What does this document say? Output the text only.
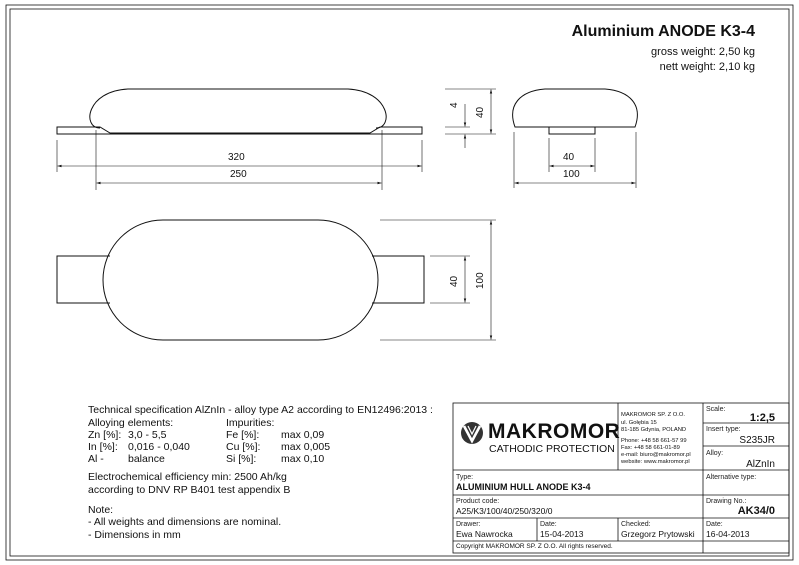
Aluminium ANODE K3-4
gross weight: 2,50 kg
nett weight: 2,10 kg
320
250
4
40
40
100
40 100
Technical specification AlZnIn - alloy type A2 according to EN12496:2013 :
Alloying elements:	Impurities:
Zn [%]: 3,0 - 5,5
In [%]: 0,016 - 0,040
Al - balance
Fe [%]: max 0,09
Cu [%]: max 0,005
Si [%]: max 0,10
Electrochemical efficiency min: 2500 Ah/kg
according to DNV RP B401 test appendix B
Note:
- All weights and dimensions are nominal.
- Dimensions in mm
MAKROMOR
CATHODIC PROTECTION
MAKROMOR SP. Z O.O.
ul. Gołębia 15
81-185 Gdynia, POLAND
Phone: +48 58 661-57 99
Fax: +48 58 661-01-89
e-mail: biuro@makromor.pl
website: www.makromor.pl
Scale:
1:2,5
Insert type:
S235JR
Alloy:
AlZnIn
Alternative type:
Type:
ALUMINIUM HULL ANODE K3-4
Product code:
A25/K3/100/40/250/320/0
Drawing No.:
AK34/0
Drawer:
Ewa Nawrocka
Date:
15-04-2013
Checked:
Grzegorz Prytowski
Date:
16-04-2013
Copyright MAKROMOR SP. Z O.O. All rights reserved.
